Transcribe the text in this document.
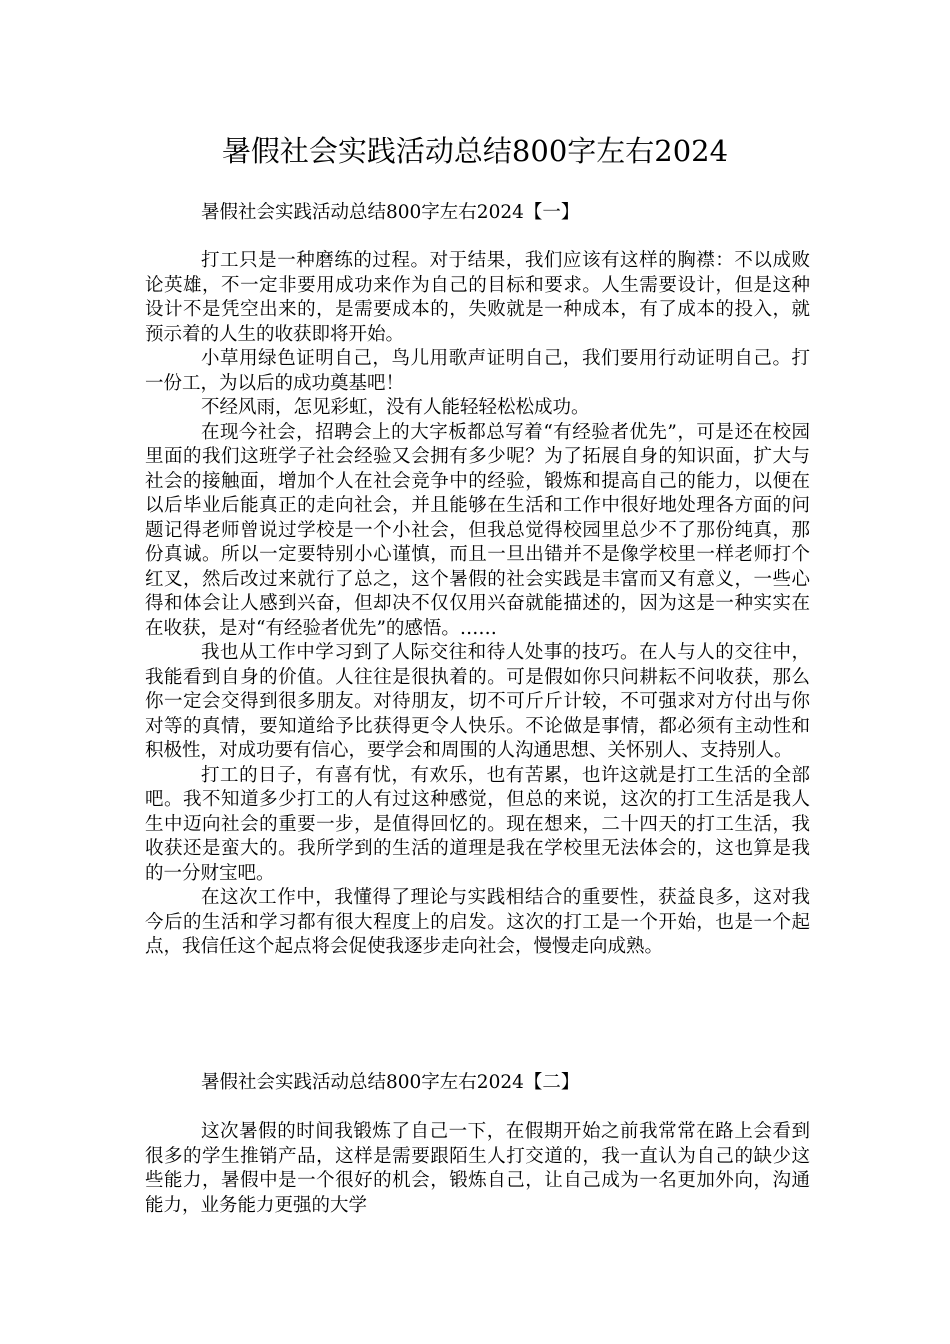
暑假社会实践活动总结800字左右2024

暑假社会实践活动总结800字左右2024【一】

打工只是一种磨练的过程。对于结果，我们应该有这样的胸襟：不以成败论英雄，不一定非要用成功来作为自己的目标和要求。人生需要设计，但是这种设计不是凭空出来的，是需要成本的，失败就是一种成本，有了成本的投入，就预示着的人生的收获即将开始。

小草用绿色证明自己，鸟儿用歌声证明自己，我们要用行动证明自己。打一份工，为以后的成功奠基吧！

不经风雨，怎见彩虹，没有人能轻轻松松成功。

在现今社会，招聘会上的大字板都总写着“有经验者优先”，可是还在校园里面的我们这班学子社会经验又会拥有多少呢？为了拓展自身的知识面，扩大与社会的接触面，增加个人在社会竞争中的经验，锻炼和提高自己的能力，以便在以后毕业后能真正的走向社会，并且能够在生活和工作中很好地处理各方面的问题记得老师曾说过学校是一个小社会，但我总觉得校园里总少不了那份纯真，那份真诚。所以一定要特别小心谨慎，而且一旦出错并不是像学校里一样老师打个红叉，然后改过来就行了总之，这个暑假的社会实践是丰富而又有意义，一些心得和体会让人感到兴奋，但却决不仅仅用兴奋就能描述的，因为这是一种实实在在收获，是对“有经验者优先”的感悟。……

我也从工作中学习到了人际交往和待人处事的技巧。在人与人的交往中，我能看到自身的价值。人往往是很执着的。可是假如你只问耕耘不问收获，那么你一定会交得到很多朋友。对待朋友，切不可斤斤计较，不可强求对方付出与你对等的真情，要知道给予比获得更令人快乐。不论做是事情，都必须有主动性和积极性，对成功要有信心，要学会和周围的人沟通思想、关怀别人、支持别人。

打工的日子，有喜有忧，有欢乐，也有苦累，也许这就是打工生活的全部吧。我不知道多少打工的人有过这种感觉，但总的来说，这次的打工生活是我人生中迈向社会的重要一步，是值得回忆的。现在想来，二十四天的打工生活，我收获还是蛮大的。我所学到的生活的道理是我在学校里无法体会的，这也算是我的一分财宝吧。

在这次工作中，我懂得了理论与实践相结合的重要性，获益良多，这对我今后的生活和学习都有很大程度上的启发。这次的打工是一个开始，也是一个起点，我信任这个起点将会促使我逐步走向社会，慢慢走向成熟。

暑假社会实践活动总结800字左右2024【二】

这次暑假的时间我锻炼了自己一下，在假期开始之前我常常在路上会看到很多的学生推销产品，这样是需要跟陌生人打交道的，我一直认为自己的缺少这些能力，暑假中是一个很好的机会，锻炼自己，让自己成为一名更加外向，沟通能力，业务能力更强的大学
